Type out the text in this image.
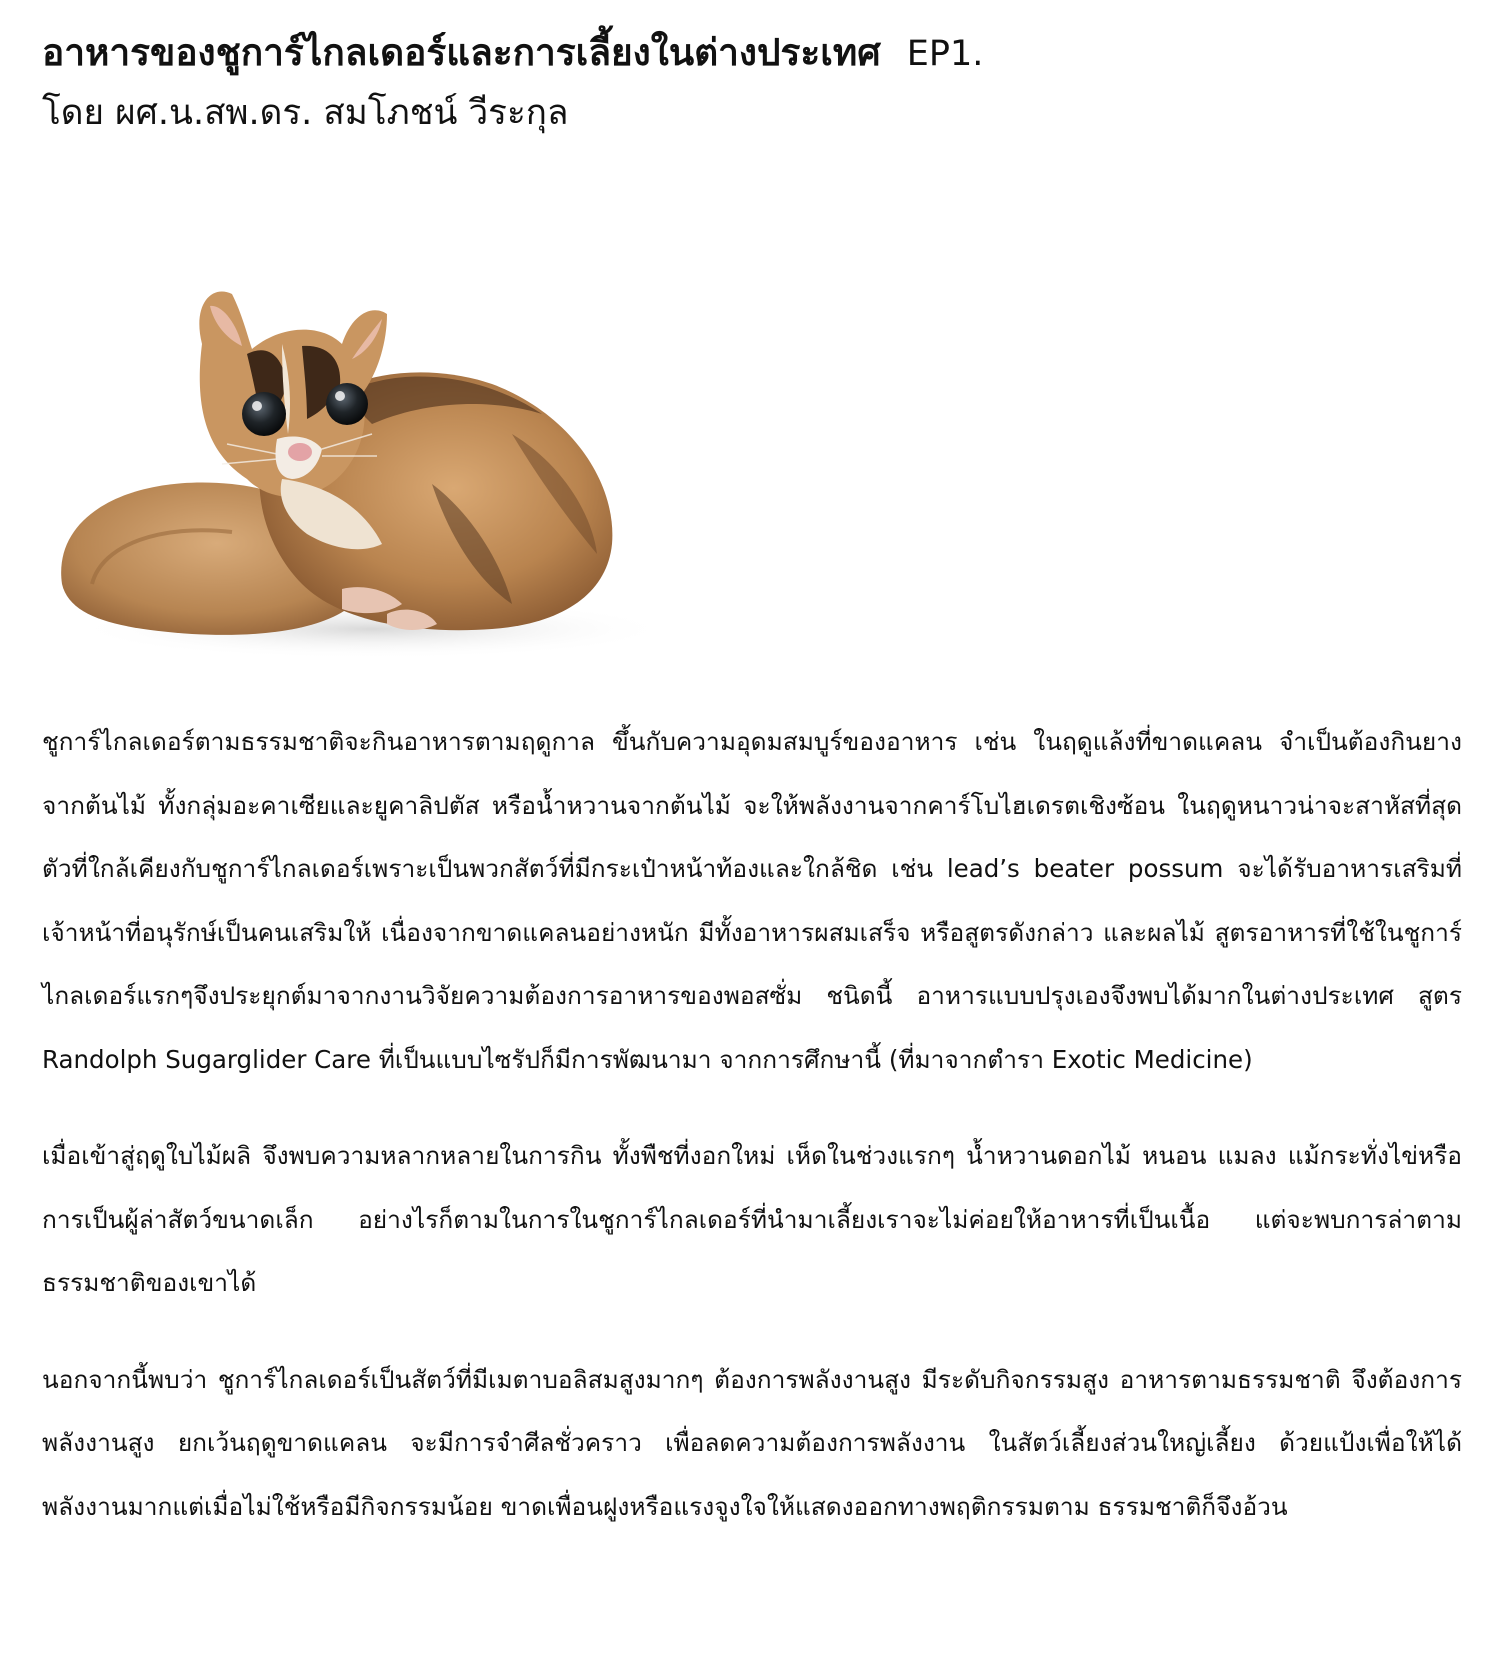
อาหารของชูการ์ไกลเดอร์และการเลี้ยงในต่างประเทศ EP1.

โดย ผศ.น.สพ.ดร. สมโภชน์ วีระกุล

ชูการ์ไกลเดอร์ตามธรรมชาติจะกินอาหารตามฤดูกาล ขึ้นกับความอุดมสมบูร์ของอาหาร เช่น ในฤดูแล้งที่ขาดแคลน จำเป็นต้องกินยางจากต้นไม้ ทั้งกลุ่มอะคาเซียและยูคาลิปตัส หรือน้ำหวานจากต้นไม้ จะให้พลังงานจากคาร์โบไฮเดรตเชิงซ้อน ในฤดูหนาวน่าจะสาหัสที่สุด ตัวที่ใกล้เคียงกับชูการ์ไกลเดอร์เพราะเป็นพวกสัตว์ที่มีกระเป๋าหน้าท้องและใกล้ชิด เช่น lead’s beater possum จะได้รับอาหารเสริมที่เจ้าหน้าที่อนุรักษ์เป็นคนเสริมให้ เนื่องจากขาดแคลนอย่างหนัก มีทั้งอาหารผสมเสร็จ หรือสูตรดังกล่าว และผลไม้ สูตรอาหารที่ใช้ในชูการ์ไกลเดอร์แรกๆจึงประยุกต์มาจากงานวิจัยความต้องการอาหารของพอสซั่ม ชนิดนี้ อาหารแบบปรุงเองจึงพบได้มากในต่างประเทศ สูตร Randolph Sugarglider Care ที่เป็นแบบไซรัปก็มีการพัฒนามา จากการศึกษานี้ (ที่มาจากตำรา Exotic Medicine)

เมื่อเข้าสู่ฤดูใบไม้ผลิ จึงพบความหลากหลายในการกิน ทั้งพืชที่งอกใหม่ เห็ดในช่วงแรกๆ น้ำหวานดอกไม้ หนอน แมลง แม้กระทั่งไข่หรือการเป็นผู้ล่าสัตว์ขนาดเล็ก อย่างไรก็ตามในการในชูการ์ไกลเดอร์ที่นำมาเลี้ยงเราจะไม่ค่อยให้อาหารที่เป็นเนื้อ แต่จะพบการล่าตามธรรมชาติของเขาได้

นอกจากนี้พบว่า ชูการ์ไกลเดอร์เป็นสัตว์ที่มีเมตาบอลิสมสูงมากๆ ต้องการพลังงานสูง มีระดับกิจกรรมสูง อาหารตามธรรมชาติ จึงต้องการพลังงานสูง ยกเว้นฤดูขาดแคลน จะมีการจำศีลชั่วคราว เพื่อลดความต้องการพลังงาน ในสัตว์เลี้ยงส่วนใหญ่เลี้ยง ด้วยแป้งเพื่อให้ได้พลังงานมากแต่เมื่อไม่ใช้หรือมีกิจกรรมน้อย ขาดเพื่อนฝูงหรือแรงจูงใจให้แสดงออกทางพฤติกรรมตาม ธรรมชาติก็จึงอ้วน
